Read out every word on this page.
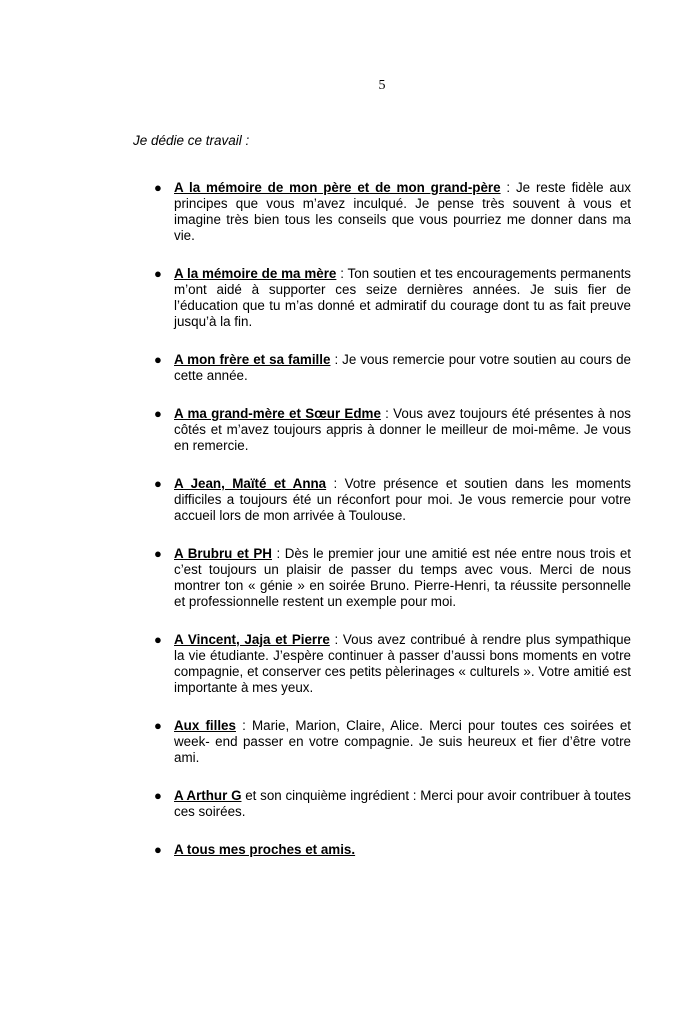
5
Je dédie ce travail :
● A la mémoire de mon père et de mon grand-père : Je reste fidèle aux principes que vous m’avez inculqué. Je pense très souvent à vous et imagine très bien tous les conseils que vous pourriez me donner dans ma vie.
● A la mémoire de ma mère : Ton soutien et tes encouragements permanents m’ont aidé à supporter ces seize dernières années. Je suis fier de l’éducation que tu m’as donné et admiratif du courage dont tu as fait preuve jusqu’à la fin.
● A mon frère et sa famille : Je vous remercie pour votre soutien au cours de cette année.
● A ma grand-mère et Sœur Edme : Vous avez toujours été présentes à nos côtés et m’avez toujours appris à donner le meilleur de moi-même. Je vous en remercie.
● A Jean, Maïté et Anna : Votre présence et soutien dans les moments difficiles a toujours été un réconfort pour moi. Je vous remercie pour votre accueil lors de mon arrivée à Toulouse.
● A Brubru et PH : Dès le premier jour une amitié est née entre nous trois et c’est toujours un plaisir de passer du temps avec vous. Merci de nous montrer ton « génie » en soirée Bruno. Pierre-Henri, ta réussite personnelle et professionnelle restent un exemple pour moi.
● A Vincent, Jaja et Pierre : Vous avez contribué à rendre plus sympathique la vie étudiante. J’espère continuer à passer d’aussi bons moments en votre compagnie, et conserver ces petits pèlerinages « culturels ». Votre amitié est importante à mes yeux.
● Aux filles : Marie, Marion, Claire, Alice. Merci pour toutes ces soirées et week- end passer en votre compagnie. Je suis heureux et fier d’être votre ami.
● A Arthur G et son cinquième ingrédient : Merci pour avoir contribuer à toutes ces soirées.
● A tous mes proches et amis.
